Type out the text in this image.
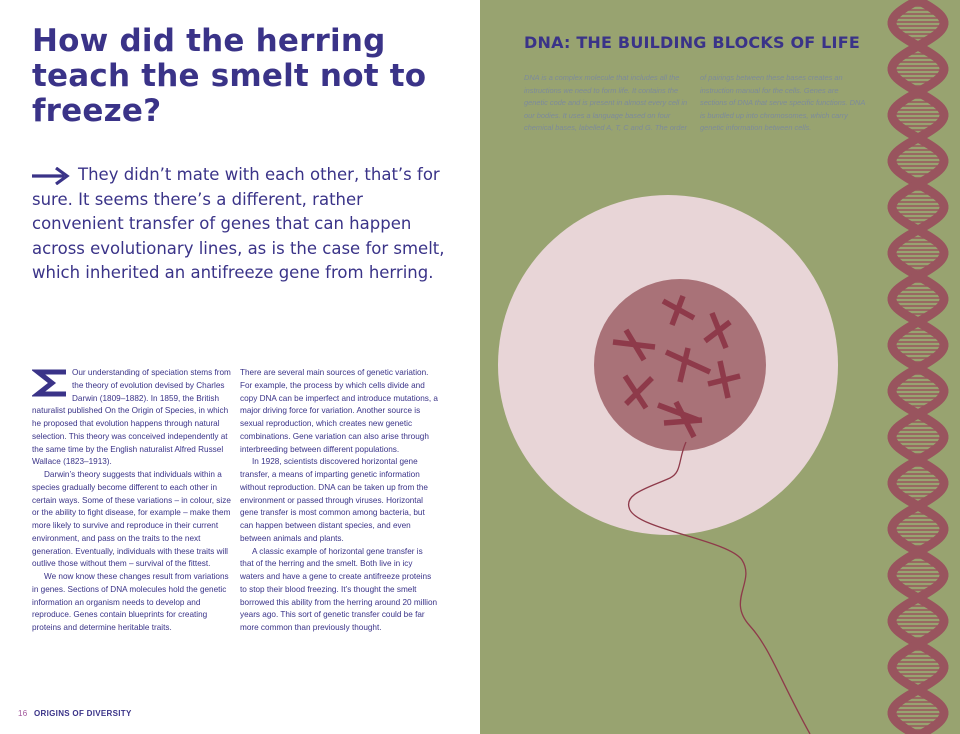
How did the herring teach the smelt not to freeze?
They didn’t mate with each other, that’s for sure. It seems there’s a different, rather convenient transfer of genes that can happen across evolutionary lines, as is the case for smelt, which inherited an antifreeze gene from herring.

Our understanding of speciation stems from the theory of evolution devised by Charles Darwin (1809–1882). In 1859, the British naturalist published On the Origin of Species, in which he proposed that evolution happens through natural selection. This theory was conceived independently at the same time by the English naturalist Alfred Russel Wallace (1823–1913).

Darwin’s theory suggests that individuals within a species gradually become different to each other in certain ways. Some of these variations – in colour, size or the ability to fight disease, for example – make them more likely to survive and reproduce in their current environment, and pass on the traits to the next generation. Eventually, individuals with these traits will outlive those without them – survival of the fittest.

We now know these changes result from variations in genes. Sections of DNA molecules hold the genetic information an organism needs to develop and reproduce. Genes contain blueprints for creating proteins and determine heritable traits.

There are several main sources of genetic variation. For example, the process by which cells divide and copy DNA can be imperfect and introduce mutations, a major driving force for variation. Another source is sexual reproduction, which creates new genetic combinations. Gene variation can also arise through interbreeding between different populations.

In 1928, scientists discovered horizontal gene transfer, a means of imparting genetic information without reproduction. DNA can be taken up from the environment or passed through viruses. Horizontal gene transfer is most common among bacteria, but can happen between distant species, and even between animals and plants.

A classic example of horizontal gene transfer is that of the herring and the smelt. Both live in icy waters and have a gene to create antifreeze proteins to stop their blood freezing. It’s thought the smelt borrowed this ability from the herring around 20 million years ago. This sort of genetic transfer could be far more common than previously thought.

16 ORIGINS OF DIVERSITY
DNA: THE BUILDING BLOCKS OF LIFE
DNA is a complex molecule that includes all the instructions we need to form life. It contains the genetic code and is present in almost every cell in our bodies. It uses a language based on four chemical bases, labelled A, T, C and G. The order
of pairings between these bases creates an instruction manual for the cells. Genes are sections of DNA that serve specific functions. DNA is bundled up into chromosomes, which carry genetic information between cells.
